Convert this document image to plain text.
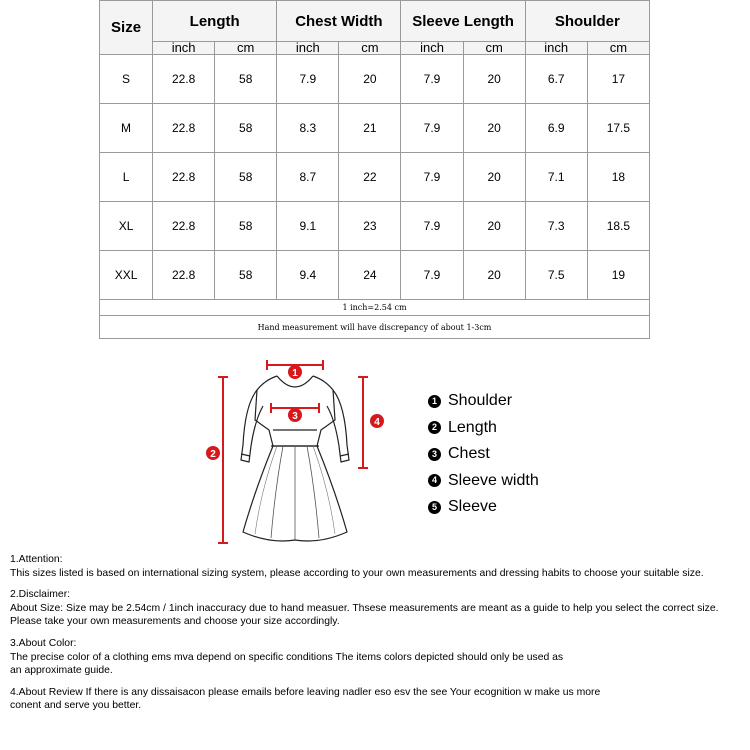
Size	Length		Chest Width		Sleeve Length		Shoulder	
	inch	cm	inch	cm	inch	cm	inch	cm
S	22.8	58	7.9	20	7.9	20	6.7	17
M	22.8	58	8.3	21	7.9	20	6.9	17.5
L	22.8	58	8.7	22	7.9	20	7.1	18
XL	22.8	58	9.1	23	7.9	20	7.3	18.5
XXL	22.8	58	9.4	24	7.9	20	7.5	19
1 inch=2.54 cm								
Hand measurement will have discrepancy of about 1-3cm								
1
2
3
4
1 Shoulder
2 Length
3 Chest
4 Sleeve width
5 Sleeve

1.Attention:

This sizes listed is based on international sizing system, please according to your own measurements and dressing habits to choose your suitable size.

2.Disclaimer:

About Size: Size may be 2.54cm / 1inch inaccuracy due to hand measuer. Thsese measurements are meant as a guide to help you select the correct size.

Please take your own measurements and choose your size accordingly.

3.About Color:

The precise color of a clothing ems mva depend on specific conditions The items colors depicted should only be used as

an approximate guide.

4.About Review If there is any dissaisacon please emails before leaving nadler eso esv the see Your ecognition w make us more

conent and serve you better.
